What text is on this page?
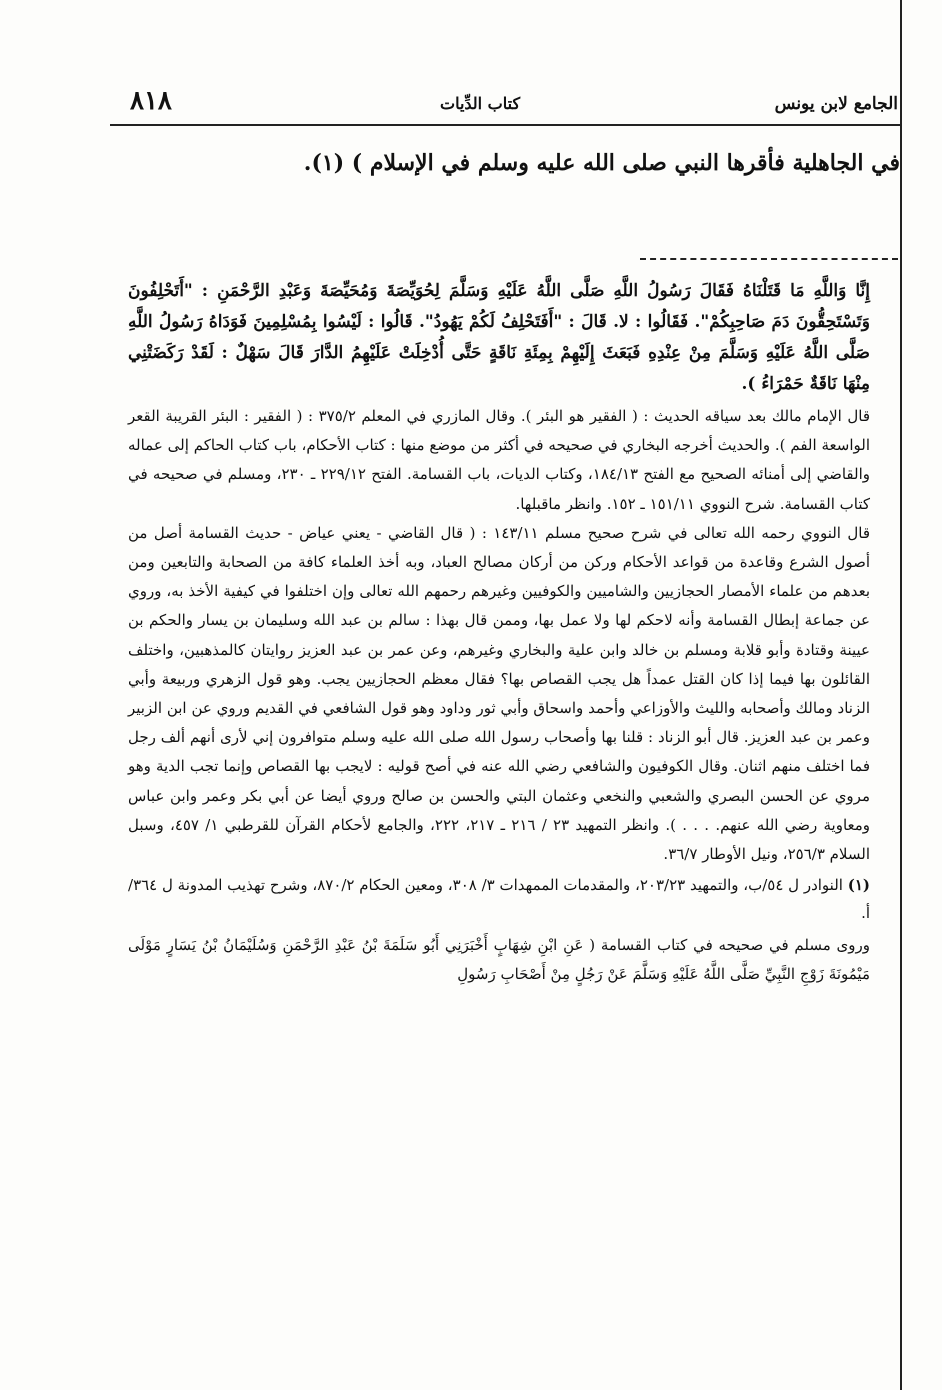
الجامع لابن يونس
كتاب الدِّيات
٨١٨
في الجاهلية فأقرها النبي صلى الله عليه وسلم في الإسلام ) (١).

إِنَّا وَاللَّهِ مَا قَتَلْنَاهُ فَقَالَ رَسُولُ اللَّهِ صَلَّى اللَّهُ عَلَيْهِ وَسَلَّمَ لِحُوَيِّصَةَ وَمُحَيِّصَةَ وَعَبْدِ الرَّحْمَنِ : "أَتَحْلِفُونَ وَتَسْتَحِقُّونَ دَمَ صَاحِبِكُمْ". فَقَالُوا : لا. قَالَ : "أَفَتَحْلِفُ لَكُمْ يَهُودُ". قَالُوا : لَيْسُوا بِمُسْلِمِينَ فَوَدَاهُ رَسُولُ اللَّهِ صَلَّى اللَّهُ عَلَيْهِ وَسَلَّمَ مِنْ عِنْدِهِ فَبَعَثَ إِلَيْهِمْ بِمِئَةِ نَاقَةٍ حَتَّى أُدْخِلَتْ عَلَيْهِمُ الدَّارَ قَالَ سَهْلٌ : لَقَدْ رَكَضَتْنِي مِنْهَا نَاقَةٌ حَمْرَاءُ ).

قال الإمام مالك بعد سياقه الحديث : ( الفقير هو البئر ). وقال المازري في المعلم ٣٧٥/٢ : ( الفقير : البئر القريبة القعر الواسعة الفم ). والحديث أخرجه البخاري في صحيحه في أكثر من موضع منها : كتاب الأحكام، باب كتاب الحاكم إلى عماله والقاضي إلى أمنائه الصحيح مع الفتح ١٨٤/١٣، وكتاب الديات، باب القسامة. الفتح ٢٢٩/١٢ ـ ٢٣٠، ومسلم في صحيحه في كتاب القسامة. شرح النووي ١٥١/١١ ـ ١٥٢. وانظر ماقبلها.

قال النووي رحمه الله تعالى في شرح صحيح مسلم ١٤٣/١١ : ( قال القاضي - يعني عياض - حديث القسامة أصل من أصول الشرع وقاعدة من قواعد الأحكام وركن من أركان مصالح العباد، وبه أخذ العلماء كافة من الصحابة والتابعين ومن بعدهم من علماء الأمصار الحجازيين والشاميين والكوفيين وغيرهم رحمهم الله تعالى وإن اختلفوا في كيفية الأخذ به، وروي عن جماعة إبطال القسامة وأنه لاحكم لها ولا عمل بها، وممن قال بهذا : سالم بن عبد الله وسليمان بن يسار والحكم بن عيينة وقتادة وأبو قلابة ومسلم بن خالد وابن علية والبخاري وغيرهم، وعن عمر بن عبد العزيز روايتان كالمذهبين، واختلف القائلون بها فيما إذا كان القتل عمداً هل يجب القصاص بها؟ فقال معظم الحجازيين يجب. وهو قول الزهري وربيعة وأبي الزناد ومالك وأصحابه والليث والأوزاعي وأحمد واسحاق وأبي ثور وداود وهو قول الشافعي في القديم وروي عن ابن الزبير وعمر بن عبد العزيز. قال أبو الزناد : قلنا بها وأصحاب رسول الله صلى الله عليه وسلم متوافرون إني لأرى أنهم ألف رجل فما اختلف منهم اثنان. وقال الكوفيون والشافعي رضي الله عنه في أصح قوليه : لايجب بها القصاص وإنما تجب الدية وهو مروي عن الحسن البصري والشعبي والنخعي وعثمان البتي والحسن بن صالح وروي أيضا عن أبي بكر وعمر وابن عباس ومعاوية رضي الله عنهم. . . . ). وانظر التمهيد ٢٣ / ٢١٦ ـ ٢١٧، ٢٢٢، والجامع لأحكام القرآن للقرطبي ١/ ٤٥٧، وسبل السلام ٢٥٦/٣، ونيل الأوطار ٣٦/٧.

(١) النوادر ل ٥٤/ب، والتمهيد ٢٠٣/٢٣، والمقدمات الممهدات ٣/ ٣٠٨، ومعين الحكام ٨٧٠/٢، وشرح تهذيب المدونة ل ٣٦٤/أ.

وروى مسلم في صحيحه في كتاب القسامة ( عَنِ ابْنِ شِهَابٍ أَخْبَرَنِي أَبُو سَلَمَةَ بْنُ عَبْدِ الرَّحْمَنِ وَسُلَيْمَانُ بْنُ يَسَارٍ مَوْلَى مَيْمُونَةَ زَوْجِ النَّبِيِّ صَلَّى اللَّهُ عَلَيْهِ وَسَلَّمَ عَنْ رَجُلٍ مِنْ أَصْحَابِ رَسُولِ
